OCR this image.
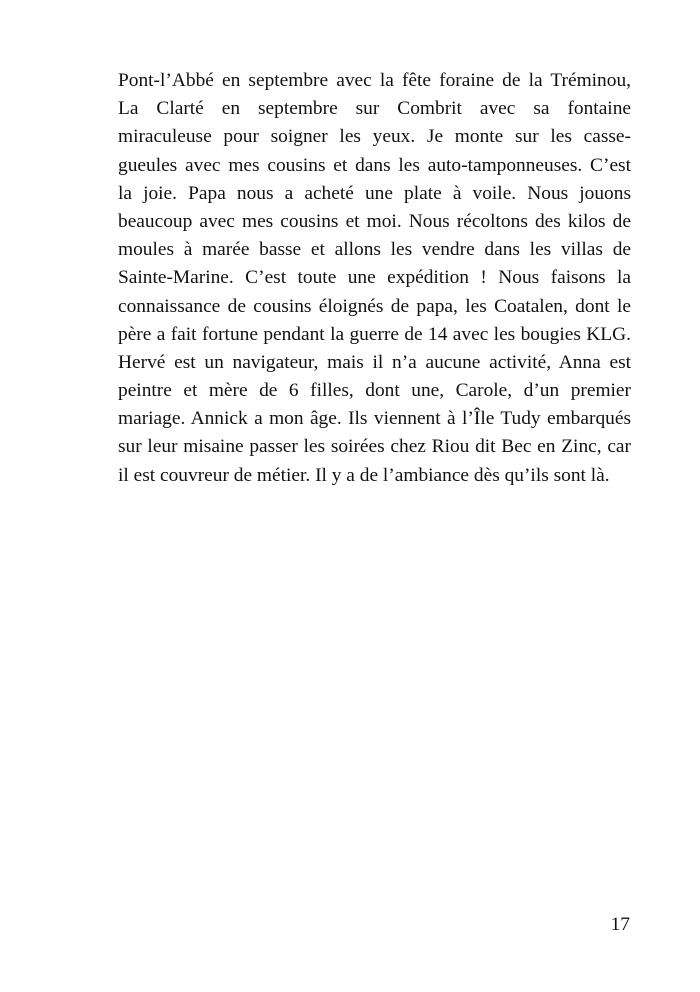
Pont-l’Abbé en septembre avec la fête foraine de la Tréminou,
La Clarté en septembre sur Combrit avec sa fontaine
miraculeuse pour soigner les yeux. Je monte sur les casse-
gueules avec mes cousins et dans les auto-tamponneuses. C’est
la joie. Papa nous a acheté une plate à voile. Nous jouons
beaucoup avec mes cousins et moi. Nous récoltons des kilos de
moules à marée basse et allons les vendre dans les villas de
Sainte-Marine. C’est toute une expédition ! Nous faisons la
connaissance de cousins éloignés de papa, les Coatalen, dont le
père a fait fortune pendant la guerre de 14 avec les bougies KLG.
Hervé est un navigateur, mais il n’a aucune activité, Anna est
peintre et mère de 6 filles, dont une, Carole, d’un premier
mariage. Annick a mon âge. Ils viennent à l’Île Tudy embarqués
sur leur misaine passer les soirées chez Riou dit Bec en Zinc, car
il est couvreur de métier. Il y a de l’ambiance dès qu’ils sont là.
17
